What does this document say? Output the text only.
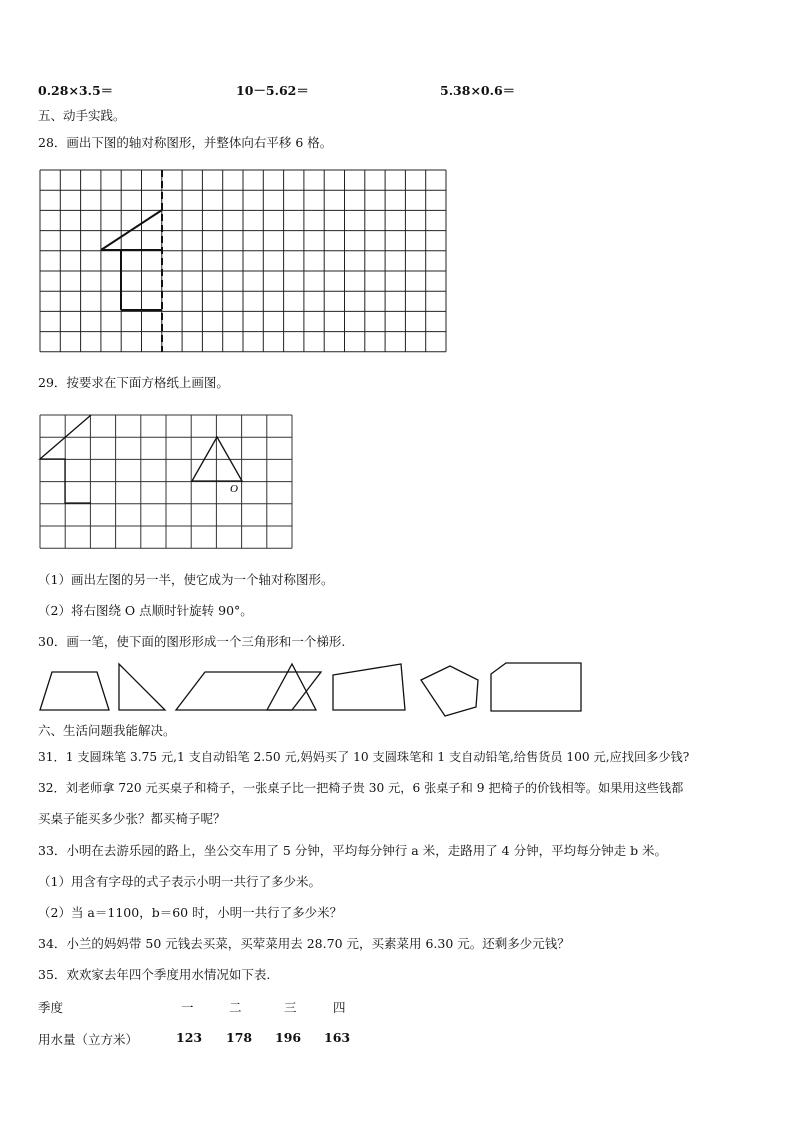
0.28×3.5＝	10－5.62＝	5.38×0.6＝
五、动手实践。
28．画出下图的轴对称图形，并整体向右平移 6 格。
O
29．按要求在下面方格纸上画图。
（1）画出左图的另一半，使它成为一个轴对称图形。
（2）将右图绕 O 点顺时针旋转 90°。
30．画一笔，使下面的图形形成一个三角形和一个梯形.
六、生活问题我能解决。
31．1 支圆珠笔 3.75 元,1 支自动铅笔 2.50 元,妈妈买了 10 支圆珠笔和 1 支自动铅笔,给售货员 100 元,应找回多少钱?
32．刘老师拿 720 元买桌子和椅子，一张桌子比一把椅子贵 30 元，6 张桌子和 9 把椅子的价钱相等。如果用这些钱都
买桌子能买多少张？都买椅子呢？
33．小明在去游乐园的路上，坐公交车用了 5 分钟，平均每分钟行 a 米，走路用了 4 分钟，平均每分钟走 b 米。
（1）用含有字母的式子表示小明一共行了多少米。
（2）当 a＝1100，b＝60 时，小明一共行了多少米？
34．小兰的妈妈带 50 元钱去买菜，买荤菜用去 28.70 元，买素菜用 6.30 元。还剩多少元钱？
35．欢欢家去年四个季度用水情况如下表.
季度	一	二	三	四
用水量（立方米）	123 178 196 163
